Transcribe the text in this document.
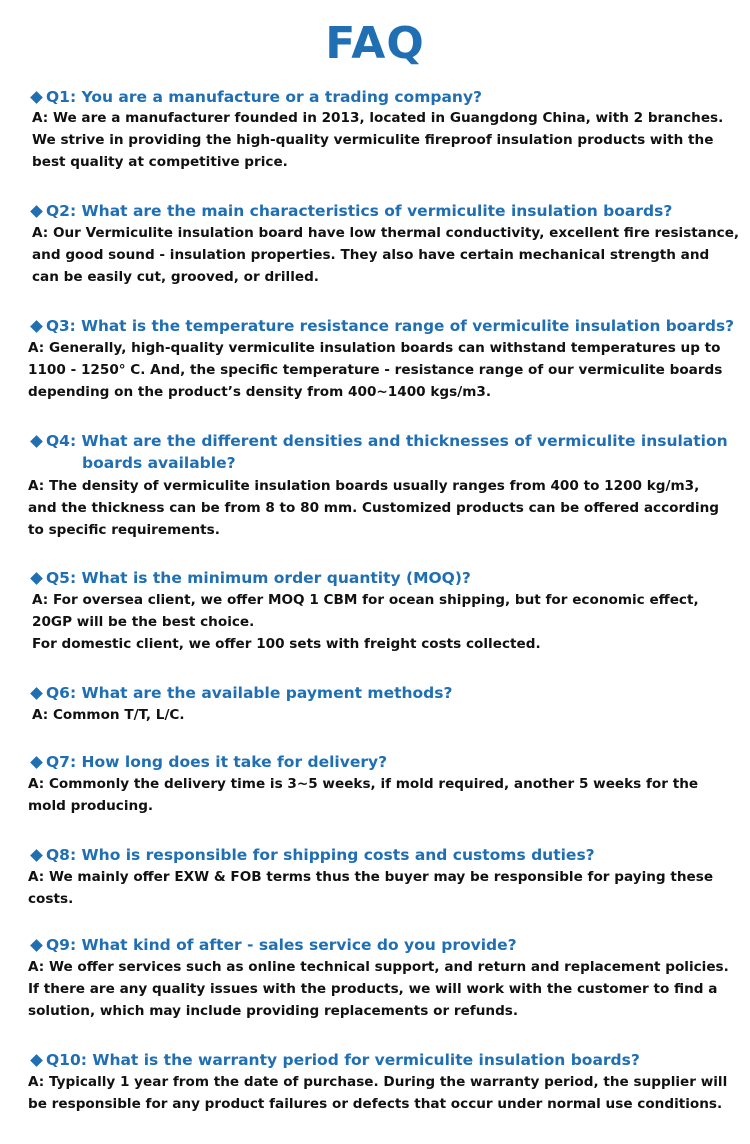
FAQ
Q1: You are a manufacture or a trading company?
A: We are a manufacturer founded in 2013, located in Guangdong China, with 2 branches.
We strive in providing the high-quality vermiculite fireproof insulation products with the
best quality at competitive price.
Q2: What are the main characteristics of vermiculite insulation boards?
A: Our Vermiculite insulation board have low thermal conductivity, excellent fire resistance,
and good sound - insulation properties. They also have certain mechanical strength and
can be easily cut, grooved, or drilled.
Q3: What is the temperature resistance range of vermiculite insulation boards?
A: Generally, high-quality vermiculite insulation boards can withstand temperatures up to
1100 - 1250° C. And, the specific temperature - resistance range of our vermiculite boards
depending on the product’s density from 400~1400 kgs/m3.
Q4: What are the different densities and thicknesses of vermiculite insulation
boards available?
A: The density of vermiculite insulation boards usually ranges from 400 to 1200 kg/m3,
and the thickness can be from 8 to 80 mm. Customized products can be offered according
to specific requirements.
Q5: What is the minimum order quantity (MOQ)?
A: For oversea client, we offer MOQ 1 CBM for ocean shipping, but for economic effect,
20GP will be the best choice.
For domestic client, we offer 100 sets with freight costs collected.
Q6: What are the available payment methods?
A: Common T/T, L/C.
Q7: How long does it take for delivery?
A: Commonly the delivery time is 3~5 weeks, if mold required, another 5 weeks for the
mold producing.
Q8: Who is responsible for shipping costs and customs duties?
A: We mainly offer EXW & FOB terms thus the buyer may be responsible for paying these
costs.
Q9: What kind of after - sales service do you provide?
A: We offer services such as online technical support, and return and replacement policies.
If there are any quality issues with the products, we will work with the customer to find a
solution, which may include providing replacements or refunds.
Q10: What is the warranty period for vermiculite insulation boards?
A: Typically 1 year from the date of purchase. During the warranty period, the supplier will
be responsible for any product failures or defects that occur under normal use conditions.
